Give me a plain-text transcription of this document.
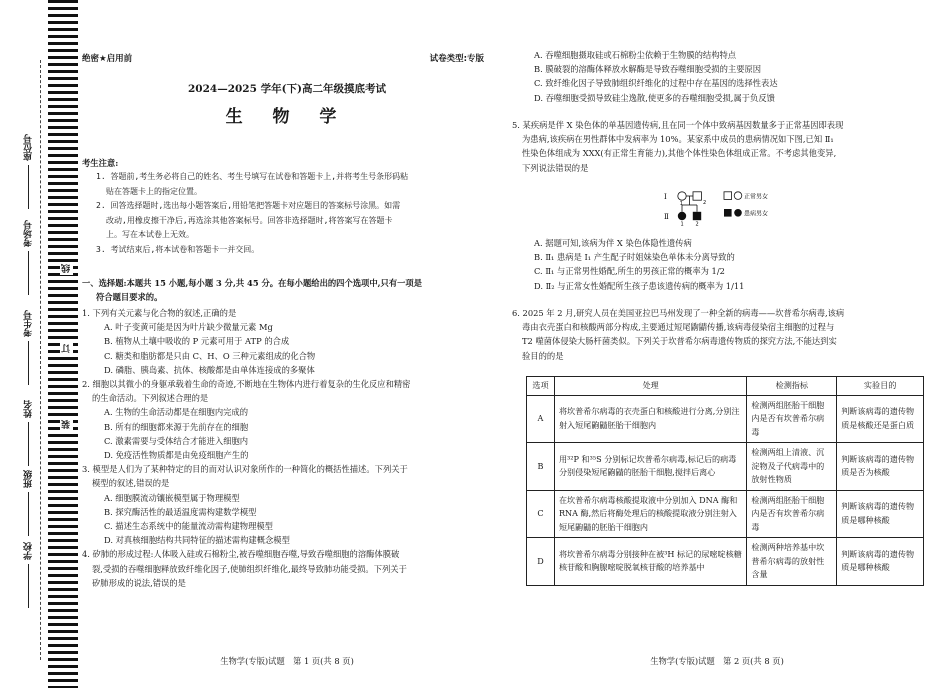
座位号
考场号
考生号
姓名
班级
学校
线
订
装
绝密★启用前	试卷类型:专版
2024—2025 学年(下)高二年级摸底考试
生 物 学
考生注意:
1. 答题前,考生务必将自己的姓名、考生号填写在试卷和答题卡上,并将考生号条形码粘
贴在答题卡上的指定位置。
2. 回答选择题时,选出每小题答案后,用铅笔把答题卡对应题目的答案标号涂黑。如需
改动,用橡皮擦干净后,再选涂其他答案标号。回答非选择题时,将答案写在答题卡
上。写在本试卷上无效。
3. 考试结束后,将本试卷和答题卡一并交回。
一、选择题:本题共 15 小题,每小题 3 分,共 45 分。在每小题给出的四个选项中,只有一项是
符合题目要求的。
1. 下列有关元素与化合物的叙述,正确的是
A. 叶子变黄可能是因为叶片缺少微量元素 Mg
B. 植物从土壤中吸收的 P 元素可用于 ATP 的合成
C. 糖类和脂肪都是只由 C、H、O 三种元素组成的化合物
D. 磷脂、胰岛素、抗体、核酸都是由单体连接成的多聚体
2. 细胞以其微小的身躯承载着生命的奇迹,不断地在生物体内进行着复杂的生化反应和精密
的生命活动。下列叙述合理的是
A. 生物的生命活动都是在细胞内完成的
B. 所有的细胞都来源于先前存在的细胞
C. 激素需要与受体结合才能进入细胞内
D. 免疫活性物质都是由免疫细胞产生的
3. 模型是人们为了某种特定的目的而对认识对象所作的一种简化的概括性描述。下列关于
模型的叙述,错误的是
A. 细胞膜流动镶嵌模型属于物理模型
B. 探究酶活性的最适温度需构建数学模型
C. 描述生态系统中的能量流动需构建物理模型
D. 对真核细胞结构共同特征的描述需构建概念模型
4. 矽肺的形成过程:人体吸入硅或石棉粉尘,被吞噬细胞吞噬,导致吞噬细胞的溶酶体膜破
裂,受损的吞噬细胞释放致纤维化因子,使肺组织纤维化,最终导致肺功能受损。下列关于
矽肺形成的说法,错误的是
生物学(专版)试题　第 1 页(共 8 页)
A. 吞噬细胞摄取硅或石棉粉尘依赖于生物膜的结构特点
B. 膜破裂的溶酶体释放水解酶是导致吞噬细胞受损的主要原因
C. 致纤维化因子导致肺组织纤维化的过程中存在基因的选择性表达
D. 吞噬细胞受损导致硅尘逸散,使更多的吞噬细胞受损,属于负反馈
5. 某疾病是伴 X 染色体的单基因遗传病,且在同一个体中致病基因数量多于正常基因即表现
为患病,该疾病在男性群体中发病率为 10%。某家系中成员的患病情况如下图,已知 Ⅱ₁
性染色体组成为 XXX(有正常生育能力),其他个体性染色体组成正常。不考虑其他变异,
下列说法错误的是
Ⅰ
Ⅱ
1	2
1 2
正常男女
患病男女
A. 据题可知,该病为伴 X 染色体隐性遗传病
B. Ⅱ₁ 患病是 Ⅰ₁ 产生配子时姐妹染色单体未分离导致的
C. Ⅱ₁ 与正常男性婚配,所生的男孩正常的概率为 1/2
D. Ⅱ₂ 与正常女性婚配所生孩子患该遗传病的概率为 1/11
6. 2025 年 2 月,研究人员在美国亚拉巴马州发现了一种全新的病毒——坎普希尔病毒,该病
毒由衣壳蛋白和核酸两部分构成,主要通过短尾鼩鼱传播,该病毒侵染宿主细胞的过程与
T2 噬菌体侵染大肠杆菌类似。下列关于坎普希尔病毒遗传物质的探究方法,不能达到实
验目的的是
选项	处理	检测指标	实验目的
A	将坎普希尔病毒的衣壳蛋白和核酸进行分离,分别注射入短尾鼩鼱胚胎干细胞内	检测两组胚胎干细胞内是否有坎普希尔病毒	判断该病毒的遗传物质是核酸还是蛋白质
B	用³²P 和³⁵S 分别标记坎普希尔病毒,标记后的病毒分别侵染短尾鼩鼱的胚胎干细胞,搅拌后离心	检测两组上清液、沉淀物及子代病毒中的放射性物质	判断该病毒的遗传物质是否为核酸
C	在坎普希尔病毒核酸提取液中分别加入 DNA 酶和 RNA 酶,然后将酶处理后的核酸提取液分别注射入短尾鼩鼱的胚胎干细胞内	检测两组胚胎干细胞内是否有坎普希尔病毒	判断该病毒的遗传物质是哪种核酸
D	将坎普希尔病毒分别接种在被³H 标记的尿嘧啶核糖核苷酸和胸腺嘧啶脱氧核苷酸的培养基中	检测两种培养基中坎普希尔病毒的放射性含量	判断该病毒的遗传物质是哪种核酸
生物学(专版)试题　第 2 页(共 8 页)
